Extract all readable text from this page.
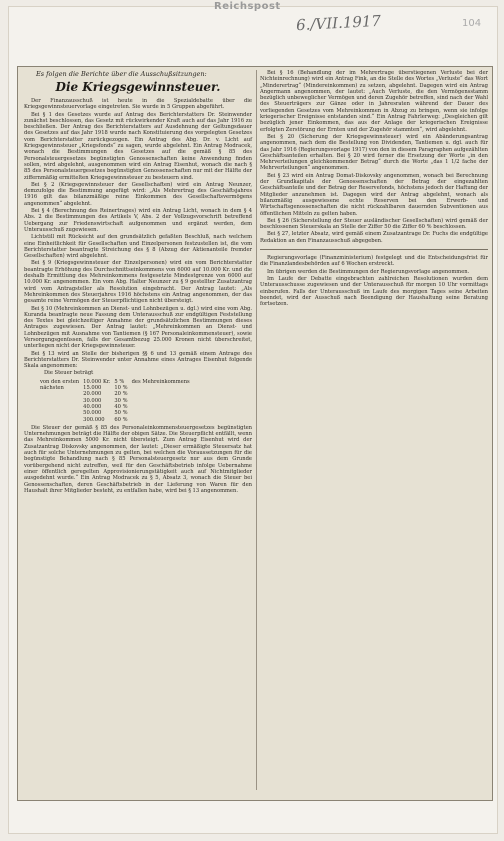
Reichspost
6./VII.1917	104

Es folgen die Berichte über die Ausschußsitzungen:

Die Kriegsgewinnsteuer.

Der Finanzausschuß ist heute in die Spezialdebatte über die Kriegsgewinnsteuervorlage eingetreten. Sie wurde in 5 Gruppen abgeführt.

Bei § 1 des Gesetzes wurde auf Antrag des Berichterstatters Dr. Steinwender zunächst beschlossen, das Gesetz mit rückwirkender Kraft auch auf das Jahr 1916 zu beschließen. Der Antrag des Berichterstatters auf Ausdehnung der Geltungsdauer des Gesetzes auf das Jahr 1918 wurde nach Konstituierung des vorgelegten Gesetzes vom Berichterstatter zurückgezogen. Ein Antrag des Abg. Dr. v. Licht auf Kriegsgewinnsteuer „Kriegsfonds“ zu sagen, wurde abgelehnt. Ein Antrag Modracek, wonach die Bestimmungen des Gesetzes auf die gemäß § 85 des Personalsteuergesetzes begünstigten Genossenschaften keine Anwendung finden sollen, wird abgelehnt, ausgenommen wird ein Antrag Eisenhut, wonach die nach § 85 des Personalsteuergesetzes begünstigten Genossenschaften nur mit der Hälfte der ziffernmäßig ermittelten Kriegsgewinnsteuer zu besteuern sind.

Bei § 2 (Kriegsgewinnsteuer der Gesellschaften) wird ein Antrag Neunzer, demzufolge die Bestimmung angefügt wird: „Als Mehrertrag des Geschäftsjahres 1916 gilt das bilanzmäßige reine Einkommen des Gesellschaftsvermögens angenommen“ abgelehnt.

Bei § 4 (Berechnung des Reinertrages) wird ein Antrag Licht, wonach in dem § 4 Abs. 2 die Bestimmungen des Artikels V, Abs. 2 der Vollzugsvorschrift betreffend Uebergang zur Friedenswirtschaft aufgenommen und ergänzt werden, dem Unterausschuß zugewiesen.

Lichtstill mit Rücksicht auf den grundsätzlich gefaßten Beschluß, nach welchem eine Einheitlichkeit für Gesellschaften und Einzelpersonen festzustellen ist, die vom Berichterstatter beantragte Streichung des § 8 (Abzug der Aktienanteile fremder Gesellschaften) wird abgelehnt.

Bei § 9 (Kriegsgewinnsteuer der Einzelpersonen) wird ein vom Berichterstatter beantragte Erhöhung des Durchschnittseinkommens von 6000 auf 10.000 Kr. und die deshalb Ermittlung des Mehreinkommens festgesetzte Mindestgrenze von 6000 auf 10.000 Kr. angenommen. Ein vom Abg. Halter Neunzer zu § 9 gestellter Zusatzantrag wird vom Antragsteller als Resolution eingebracht. Der Antrag lautet: „Als Mehreinkommen des Steuerjahres 1916 höchstens ein Antrag angenommen, der das gesamte reine Vermögen der Steuerpflichtigen nicht übersteigt.

Bei § 10 (Mehreinkommen an Dienst- und Lohnbezügen u. dgl.) wird eine vom Abg. Kuranda beantragte neue Fassung dem Unterausschuß zur endgültigen Feststellung des Textes bei gleichzeitiger Annahme der grundsätzlichen Bestimmungen dieses Antrages zugewiesen. Der Antrag lautet: „Mehreinkommen an Dienst- und Lohnbezügen mit Ausnahme von Tantiemen (§ 167 Personaleinkommensteuer), sowie Versorgungsgenüssen, falls der Gesamtbezug 25.000 Kronen nicht überschreitet, unterliegen nicht der Kriegsgewinnsteuer.

Bei § 13 wird an Stelle der bisherigen §§ 6 und 13 gemäß einem Antrage des Berichterstatters Dr. Steinwender unter Annahme eines Antrages Eisenhut folgende Skala angenommen:

Die Steuer beträgt

von den ersten	10.000 Kr.	5 %	des Mehreinkommens
nächsten	15.000	10 %	
	20.000	20 %	
	30.000	30 %	
	40.000	40 %	
	50.000	50 %	
	300.000	60 %	

Die Steuer der gemäß § 85 des Personaleinkommensteuergesetzes begünstigten Unternehmungen beträgt die Hälfte der obigen Sätze. Die Steuerpflicht entfällt, wenn das Mehreinkommen 5000 Kr. nicht übersteigt. Zum Antrag Eisenhut wird der Zusatzantrag Diskovsky angenommen, der lautet: „Dieser ermäßigte Steuersatz hat auch für solche Unternehmungen zu gelten, bei welchen die Voraussetzungen für die begünstigte Behandlung nach § 85 Personalsteuergesetz nur aus dem Grunde vorübergehend nicht zutreffen, weil für den Geschäftsbetrieb infolge Uebernahme einer öffentlich geregelten Approvisionierungstätigkeit auch auf Nichtmitglieder ausgedehnt wurde.“ Ein Antrag Modracek zu § 5, Absatz 3, wonach die Steuer bei Genossenschaften, deren Geschäftsbetrieb in der Lieferung von Waren für den Haushalt ihrer Mitglieder besteht, zu entfallen habe, wird bei § 13 angenommen.

Bei § 16 (Behandlung der im Mehrertrage überstiegenen Verluste bei der Nichteinrechnung) wird ein Antrag Fink, an die Stelle des Wortes „Verluste“ das Wort „Minderertrag“ (Mindereinkommen) zu setzen, abgelehnt. Dagegen wird ein Antrag Angermann angenommen, der lautet: „Auch Verluste, die den Vermögensstamm bezüglich unbeweglicher Vermögen und deren Zugehör betreffen, sind nach der Wahl des Steuerträgers zur Gänze oder in Jahresraten während der Dauer des vorliegenden Gesetzes vom Mehreinkommen in Abzug zu bringen, wenn sie infolge kriegerischer Ereignisse entstanden sind.“ Ein Antrag Fahrlerweg: „Desgleichen gilt bezüglich jener Einkommen, das aus der Anlage der kriegerischen Ereignisse erfolgten Zerstörung der Ernten und der Zugehör stammten“, wird abgelehnt.

Bei § 20 (Sicherung der Kriegsgewinnsteuer) wird ein Abänderungsantrag angenommen, nach dem die Bestellung von Dividenden, Tantiemen u. dgl. auch für das Jahr 1916 (Regierungsvorlage 1917) von den in diesem Paragraphen aufgezählten Geschäftsanteilen erhalten. Bei § 20 wird ferner die Ersetzung der Worte „in den Mehrverteilungen gleichkommender Betrag“ durch die Worte „das 1 1/2 fache der Mehrverteilungen“ angenommen.

Bei § 23 wird ein Antrag Domat-Diskovsky angenommen, wonach bei Berechnung der Grundkapitals der Genossenschaften der Betrag der eingezahlten Geschäftsanteile und der Betrag der Reservefonds, höchstens jedoch der Haftung der Mitglieder anzunehmen ist. Dagegen wird der Antrag abgelehnt, wonach als bilanzmäßig ausgewiesene echte Reserven bei den Erwerb- und Wirtschaftsgenossenschaften die nicht rückzahlbaren dauernden Subventionen aus öffentlichen Mitteln zu gelten haben.

Bei § 26 (Sicherstellung der Steuer ausländischer Gesellschaften) wird gemäß der beschlossenen Steuerskala an Stelle der Ziffer 50 die Ziffer 60 % beschlossen.

Bei § 27, letzter Absatz, wird gemäß einem Zusatzantrage Dr. Fuchs die endgültige Redaktion an den Finanzausschuß abgegeben.

Regierungsvorlage (Finanzministerium) festgelegt und die Entscheidungsfrist für die Finanzlandesbehörden auf 6 Wochen erstreckt.

Im übrigen werden die Bestimmungen der Regierungsvorlage angenommen.

Im Laufe der Debatte eingebrachten zahlreichen Resolutionen wurden dem Unterausschusse zugewiesen und der Unterausschuß für morgen 10 Uhr vormittags einberufen. Falls der Unterausschuß im Laufe des morgigen Tages seine Arbeiten beendet, wird der Ausschuß nach Beendigung der Haushaltung seine Beratung fortsetzen.
